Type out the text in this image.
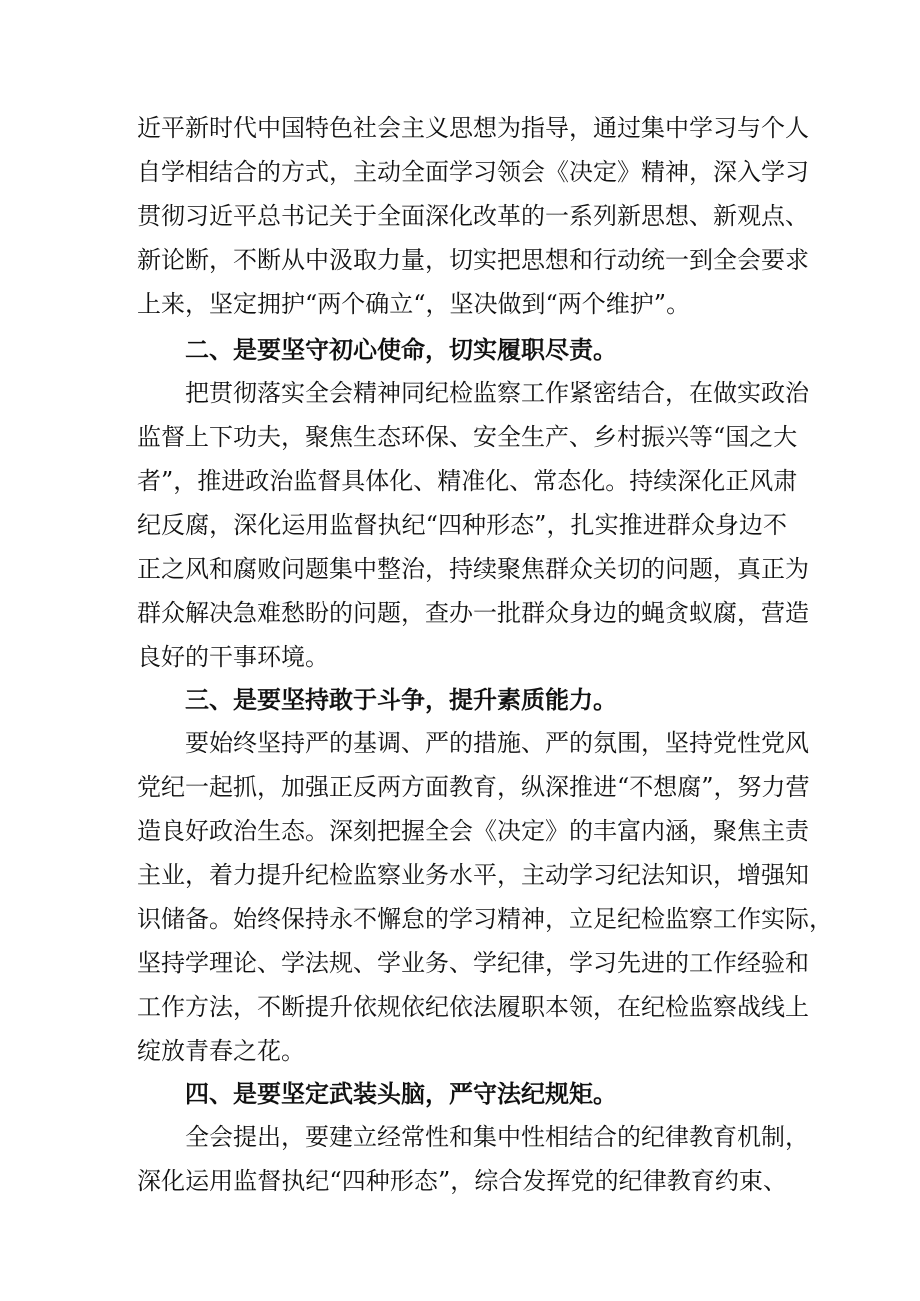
近平新时代中国特色社会主义思想为指导，通过集中学习与个人
自学相结合的方式，主动全面学习领会《决定》精神，深入学习
贯彻习近平总书记关于全面深化改革的一系列新思想、新观点、
新论断，不断从中汲取力量，切实把思想和行动统一到全会要求
上来，坚定拥护“两个确立“，坚决做到“两个维护”。
二、是要坚守初心使命，切实履职尽责。
把贯彻落实全会精神同纪检监察工作紧密结合，在做实政治
监督上下功夫，聚焦生态环保、安全生产、乡村振兴等“国之大
者”，推进政治监督具体化、精准化、常态化。持续深化正风肃
纪反腐，深化运用监督执纪“四种形态”，扎实推进群众身边不
正之风和腐败问题集中整治，持续聚焦群众关切的问题，真正为
群众解决急难愁盼的问题，查办一批群众身边的蝇贪蚁腐，营造
良好的干事环境。
三、是要坚持敢于斗争，提升素质能力。
要始终坚持严的基调、严的措施、严的氛围，坚持党性党风
党纪一起抓，加强正反两方面教育，纵深推进“不想腐”，努力营
造良好政治生态。深刻把握全会《决定》的丰富内涵，聚焦主责
主业，着力提升纪检监察业务水平，主动学习纪法知识，增强知
识储备。始终保持永不懈怠的学习精神，立足纪检监察工作实际，
坚持学理论、学法规、学业务、学纪律，学习先进的工作经验和
工作方法，不断提升依规依纪依法履职本领，在纪检监察战线上
绽放青春之花。
四、是要坚定武装头脑，严守法纪规矩。
全会提出，要建立经常性和集中性相结合的纪律教育机制，
深化运用监督执纪“四种形态”，综合发挥党的纪律教育约束、
